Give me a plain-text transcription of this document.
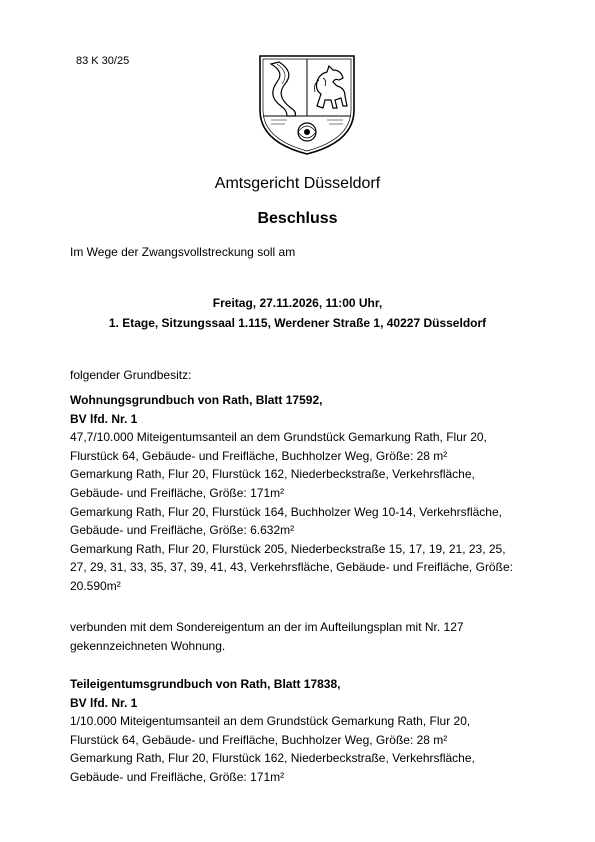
83 K 30/25
Amtsgericht Düsseldorf
Beschluss
Im Wege der Zwangsvollstreckung soll am
Freitag, 27.11.2026, 11:00 Uhr,
1. Etage, Sitzungssaal 1.115, Werdener Straße 1, 40227 Düsseldorf

folgender Grundbesitz:

Wohnungsgrundbuch von Rath, Blatt 17592,

BV lfd. Nr. 1

47,7/10.000 Miteigentumsanteil an dem Grundstück Gemarkung Rath, Flur 20,

Flurstück 64, Gebäude- und Freifläche, Buchholzer Weg, Größe: 28 m²

Gemarkung Rath, Flur 20, Flurstück 162, Niederbeckstraße, Verkehrsfläche,

Gebäude- und Freifläche, Größe: 171m²

Gemarkung Rath, Flur 20, Flurstück 164, Buchholzer Weg 10-14, Verkehrsfläche,

Gebäude- und Freifläche, Größe: 6.632m²

Gemarkung Rath, Flur 20, Flurstück 205, Niederbeckstraße 15, 17, 19, 21, 23, 25,

27, 29, 31, 33, 35, 37, 39, 41, 43, Verkehrsfläche, Gebäude- und Freifläche, Größe:

20.590m²

verbunden mit dem Sondereigentum an der im Aufteilungsplan mit Nr. 127

gekennzeichneten Wohnung.

Teileigentumsgrundbuch von Rath, Blatt 17838,

BV lfd. Nr. 1

1/10.000 Miteigentumsanteil an dem Grundstück Gemarkung Rath, Flur 20,

Flurstück 64, Gebäude- und Freifläche, Buchholzer Weg, Größe: 28 m²

Gemarkung Rath, Flur 20, Flurstück 162, Niederbeckstraße, Verkehrsfläche,

Gebäude- und Freifläche, Größe: 171m²
